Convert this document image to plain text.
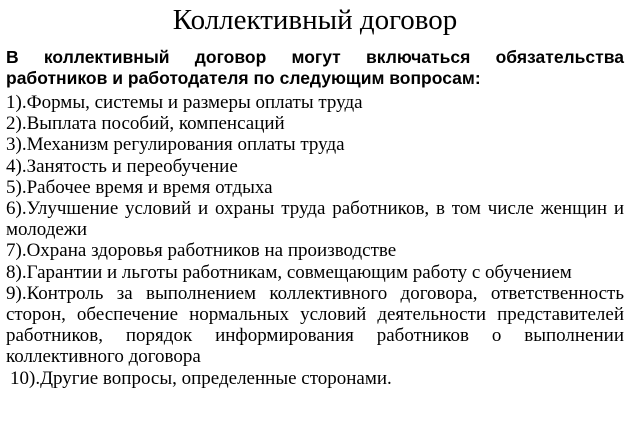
Коллективный договор
В коллективный договор могут включаться обязательства работников и работодателя по следующим вопросам:
1).Формы, системы и размеры оплаты труда
2).Выплата пособий, компенсаций
3).Механизм регулирования оплаты труда
4).Занятость и переобучение
5).Рабочее время и время отдыха
6).Улучшение условий и охраны труда работников, в том числе женщин и молодежи
7).Охрана здоровья работников на производстве
8).Гарантии и льготы работникам, совмещающим работу с обучением
9).Контроль за выполнением коллективного договора, ответственность сторон, обеспечение нормальных условий деятельности представителей работников, порядок информирования работников о выполнении коллективного договора
10).Другие вопросы, определенные сторонами.
